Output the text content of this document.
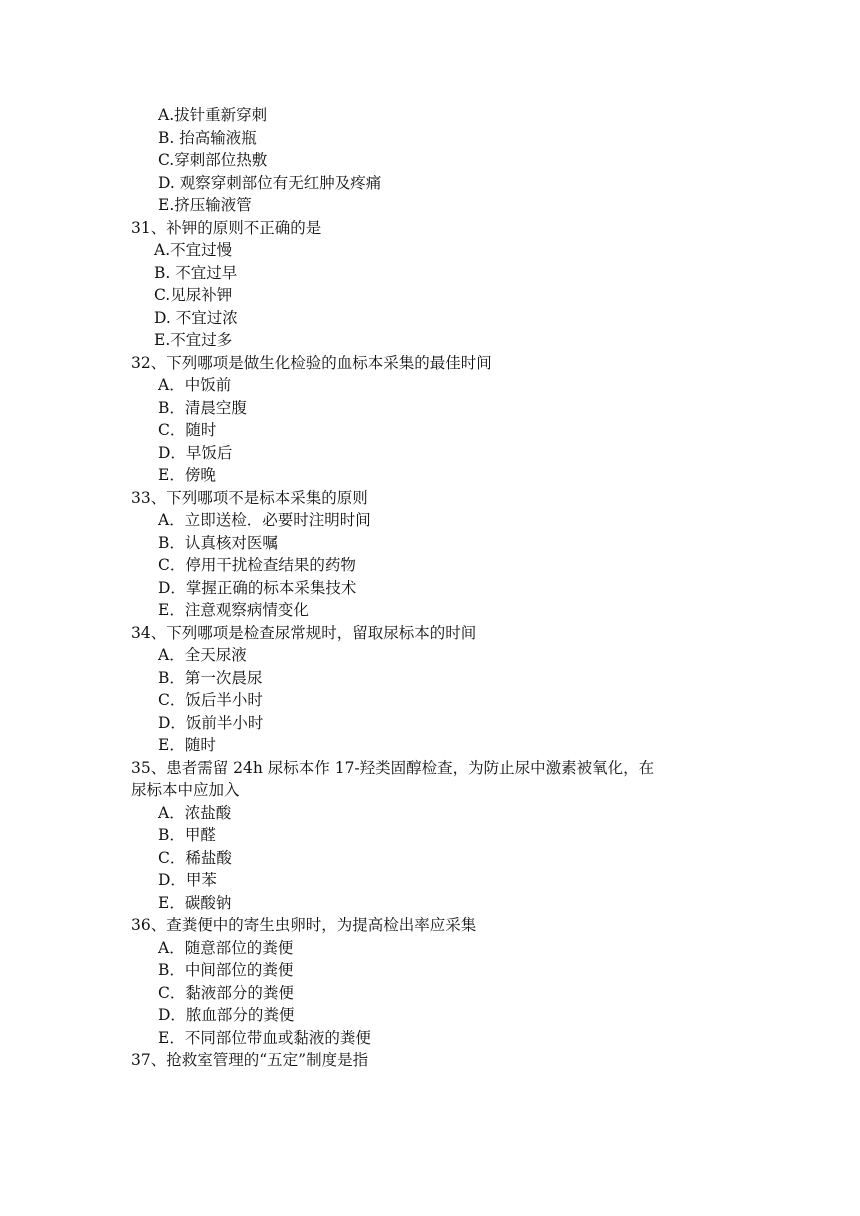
A.拔针重新穿刺
B. 抬高输液瓶
C.穿刺部位热敷
D. 观察穿刺部位有无红肿及疼痛
E.挤压输液管
31、补钾的原则不正确的是
A.不宜过慢
B. 不宜过早
C.见尿补钾
D. 不宜过浓
E.不宜过多
32、下列哪项是做生化检验的血标本采集的最佳时间
A．中饭前
B．清晨空腹
C．随时
D．早饭后
E．傍晚
33、下列哪项不是标本采集的原则
A．立即送检．必要时注明时间
B．认真核对医嘱
C．停用干扰检查结果的药物
D．掌握正确的标本采集技术
E．注意观察病情变化
34、下列哪项是检查尿常规时，留取尿标本的时间
A．全天尿液
B．第一次晨尿
C．饭后半小时
D．饭前半小时
E．随时
35、患者需留 24h 尿标本作 17-羟类固醇检查，为防止尿中激素被氧化，在
尿标本中应加入
A．浓盐酸
B．甲醛
C．稀盐酸
D．甲苯
E．碳酸钠
36、查粪便中的寄生虫卵时，为提高检出率应采集
A．随意部位的粪便
B．中间部位的粪便
C．黏液部分的粪便
D．脓血部分的粪便
E．不同部位带血或黏液的粪便
37、抢救室管理的“五定”制度是指
